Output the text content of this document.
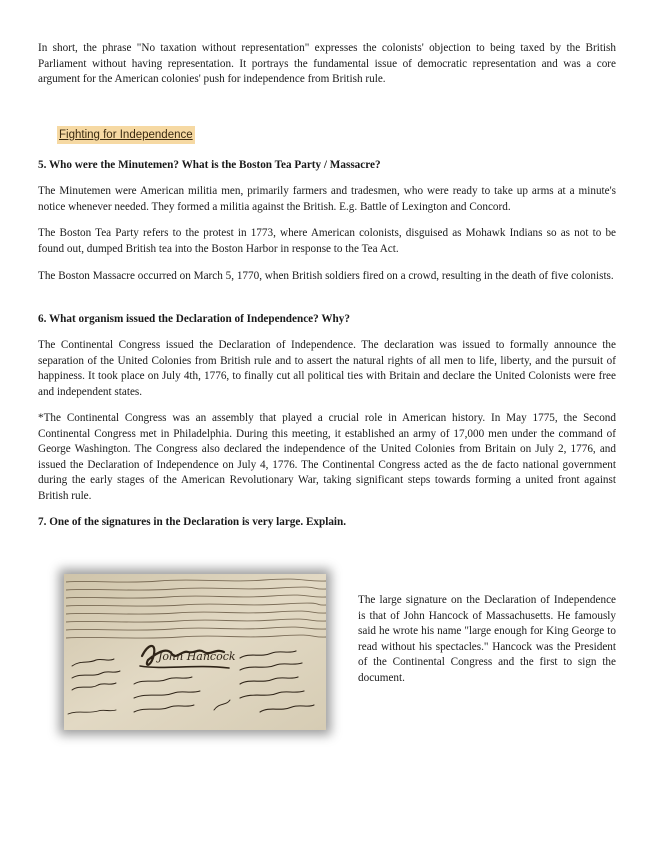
In short, the phrase "No taxation without representation" expresses the colonists' objection to being taxed by the British Parliament without having representation. It portrays the fundamental issue of democratic representation and was a core argument for the American colonies' push for independence from British rule.

Fighting for Independence

5. Who were the Minutemen? What is the Boston Tea Party / Massacre?

The Minutemen were American militia men, primarily farmers and tradesmen, who were ready to take up arms at a minute's notice whenever needed. They formed a militia against the British. E.g. Battle of Lexington and Concord.

The Boston Tea Party refers to the protest in 1773, where American colonists, disguised as Mohawk Indians so as not to be found out, dumped British tea into the Boston Harbor in response to the Tea Act.

The Boston Massacre occurred on March 5, 1770, when British soldiers fired on a crowd, resulting in the death of five colonists.

6. What organism issued the Declaration of Independence? Why?

The Continental Congress issued the Declaration of Independence. The declaration was issued to formally announce the separation of the United Colonies from British rule and to assert the natural rights of all men to life, liberty, and the pursuit of happiness. It took place on July 4th, 1776, to finally cut all political ties with Britain and declare the United Colonists were free and independent states.

*The Continental Congress was an assembly that played a crucial role in American history. In May 1775, the Second Continental Congress met in Philadelphia. During this meeting, it established an army of 17,000 men under the command of George Washington. The Congress also declared the independence of the United Colonies from Britain on July 2, 1776, and issued the Declaration of Independence on July 4, 1776. The Continental Congress acted as the de facto national government during the early stages of the American Revolutionary War, taking significant steps towards forming a united front against British rule.

7. One of the signatures in the Declaration is very large. Explain.

John Hancock

The large signature on the Declaration of Independence is that of John Hancock of Massachusetts. He famously said he wrote his name "large enough for King George to read without his spectacles." Hancock was the President of the Continental Congress and the first to sign the document.
